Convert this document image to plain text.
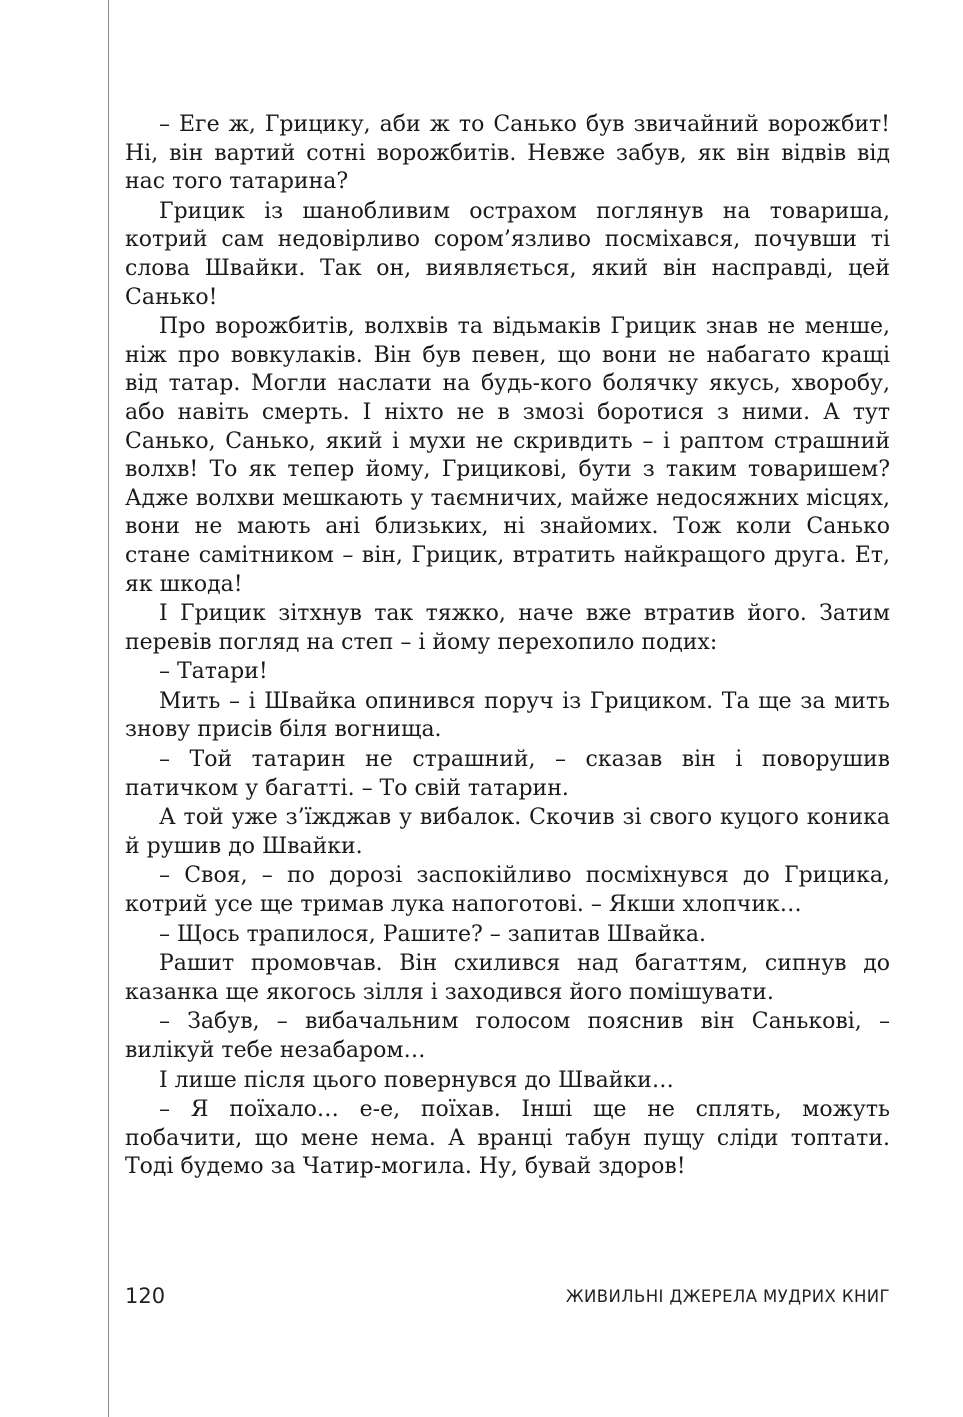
– Еге ж, Грицику, аби ж то Санько був звичайний ворожбит! Ні, він вартий сотні ворожбитів. Невже забув, як він відвів від нас того татарина?

Грицик із шанобливим острахом поглянув на товариша, котрий сам недовірливо сором’язливо посміхався, почувши ті слова Швайки. Так он, виявляється, який він насправді, цей Санько!

Про ворожбитів, волхвів та відьмаків Грицик знав не менше, ніж про вовкулаків. Він був певен, що вони не набагато кращі від татар. Могли наслати на будь-кого болячку якусь, хворобу, або навіть смерть. І ніхто не в змозі боротися з ними. А тут Санько, Санько, який і мухи не скривдить – і раптом страшний волхв! То як тепер йому, Грицикові, бути з таким товаришем? Адже волхви мешкають у таємничих, майже недосяжних місцях, вони не мають ані близьких, ні знайомих. Тож коли Санько стане самітником – він, Грицик, втратить найкращого друга. Ет, як шкода!

І Грицик зітхнув так тяжко, наче вже втратив його. Затим перевів погляд на степ – і йому перехопило подих:

– Татари!

Мить – і Швайка опинився поруч із Грициком. Та ще за мить знову присів біля вогнища.

– Той татарин не страшний, – сказав він і поворушив патичком у багатті. – То свій татарин.

А той уже з’їжджав у вибалок. Скочив зі свого куцого коника й рушив до Швайки.

– Своя, – по дорозі заспокійливо посміхнувся до Грицика, котрий усе ще тримав лука напоготові. – Якши хлопчик…

– Щось трапилося, Рашите? – запитав Швайка.

Рашит промовчав. Він схилився над багаттям, сипнув до казанка ще якогось зілля і заходився його помішувати.

– Забув, – вибачальним голосом пояснив він Санькові, – вилікуй тебе незабаром…

І лише після цього повернувся до Швайки…

– Я поїхало… е-е, поїхав. Інші ще не сплять, можуть побачити, що мене нема. А вранці табун пущу сліди топтати. Тоді будемо за Чатир-могила. Ну, бувай здоров!

120	ЖИВИЛЬНІ ДЖЕРЕЛА МУДРИХ КНИГ
